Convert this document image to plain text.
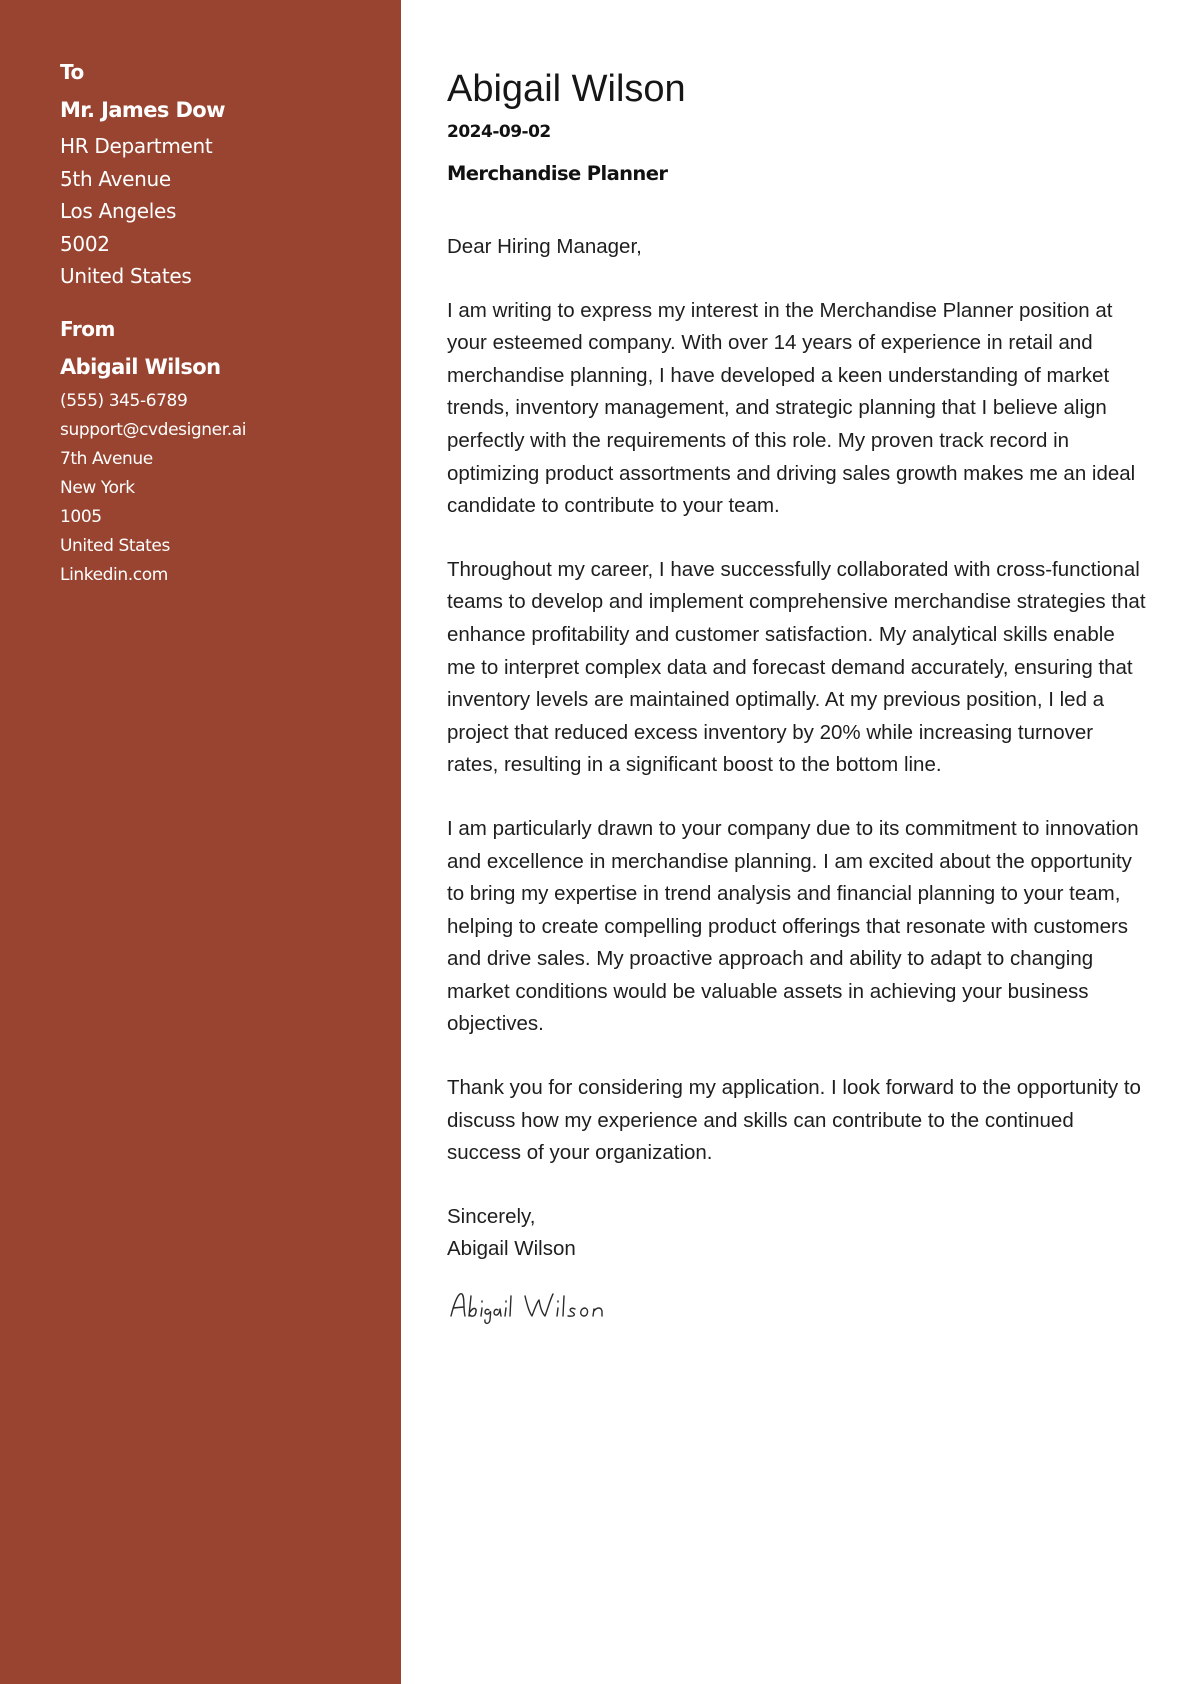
To
Mr. James Dow
HR Department
5th Avenue
Los Angeles
5002
United States
From
Abigail Wilson
(555) 345-6789
support@cvdesigner.ai
7th Avenue
New York
1005
United States
Linkedin.com
Abigail Wilson
2024-09-02
Merchandise Planner
Dear Hiring Manager,

I am writing to express my interest in the Merchandise Planner position at your esteemed company. With over 14 years of experience in retail and merchandise planning, I have developed a keen understanding of market trends, inventory management, and strategic planning that I believe align perfectly with the requirements of this role. My proven track record in optimizing product assortments and driving sales growth makes me an ideal candidate to contribute to your team.

Throughout my career, I have successfully collaborated with cross-functional teams to develop and implement comprehensive merchandise strategies that enhance profitability and customer satisfaction. My analytical skills enable me to interpret complex data and forecast demand accurately, ensuring that inventory levels are maintained optimally. At my previous position, I led a project that reduced excess inventory by 20% while increasing turnover rates, resulting in a significant boost to the bottom line.

I am particularly drawn to your company due to its commitment to innovation and excellence in merchandise planning. I am excited about the opportunity to bring my expertise in trend analysis and financial planning to your team, helping to create compelling product offerings that resonate with customers and drive sales. My proactive approach and ability to adapt to changing market conditions would be valuable assets in achieving your business objectives.

Thank you for considering my application. I look forward to the opportunity to discuss how my experience and skills can contribute to the continued success of your organization.

Sincerely,
Abigail Wilson
